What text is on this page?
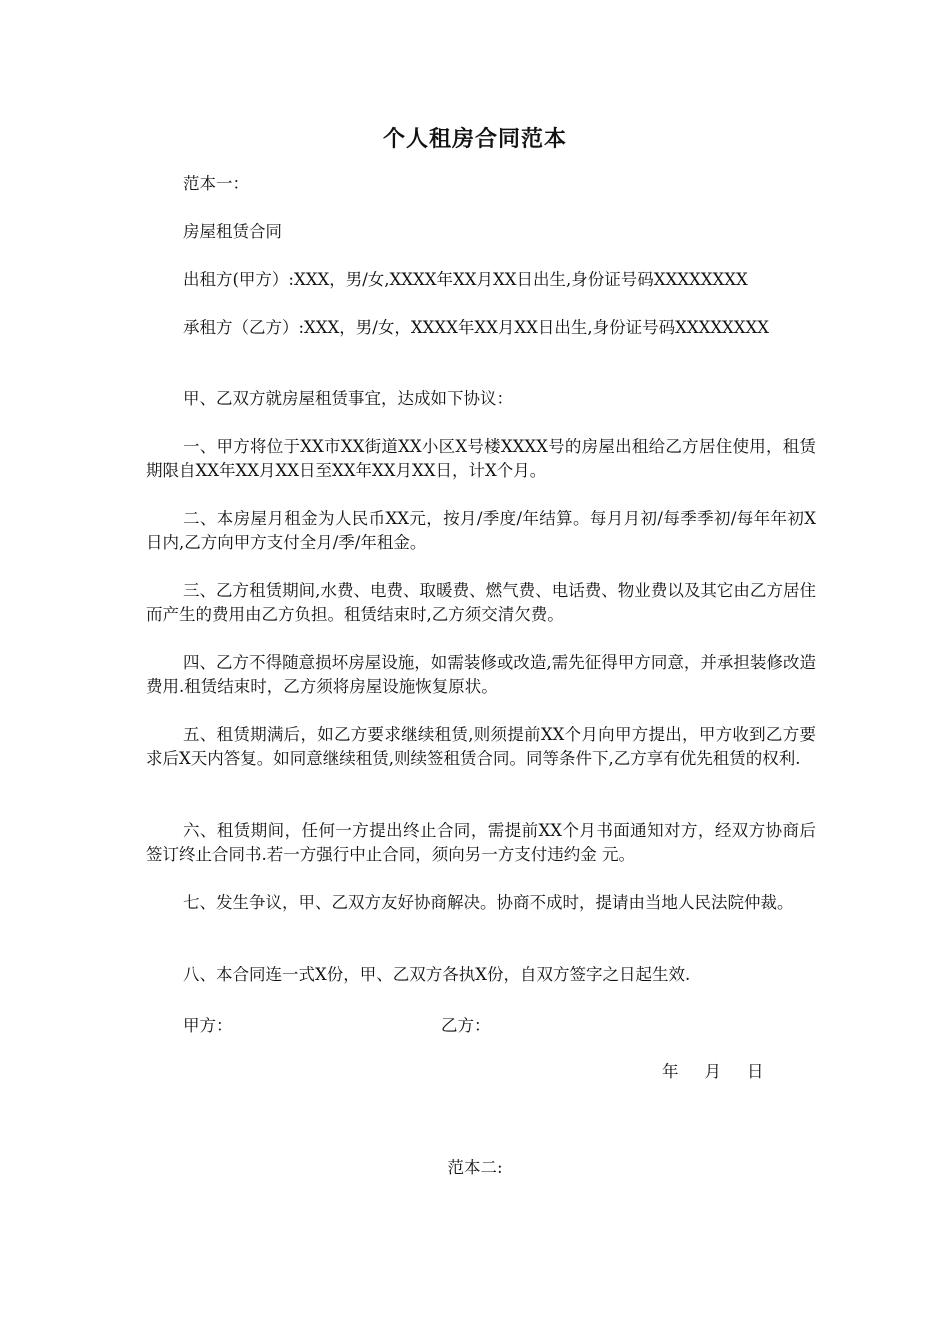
个人租房合同范本
范本一：
房屋租赁合同
出租方(甲方）:XXX，男/女,XXXX年XX月XX日出生,身份证号码XXXXXXXX
承租方（乙方）:XXX，男/女，XXXX年XX月XX日出生,身份证号码XXXXXXXX
甲、乙双方就房屋租赁事宜，达成如下协议：
一、甲方将位于XX市XX街道XX小区X号楼XXXX号的房屋出租给乙方居住使用，租赁期限自XX年XX月XX日至XX年XX月XX日，计X个月。
二、本房屋月租金为人民币XX元，按月/季度/年结算。每月月初/每季季初/每年年初X日内,乙方向甲方支付全月/季/年租金。
三、乙方租赁期间,水费、电费、取暖费、燃气费、电话费、物业费以及其它由乙方居住而产生的费用由乙方负担。租赁结束时,乙方须交清欠费。
四、乙方不得随意损坏房屋设施，如需装修或改造,需先征得甲方同意，并承担装修改造费用.租赁结束时，乙方须将房屋设施恢复原状。
五、租赁期满后，如乙方要求继续租赁,则须提前XX个月向甲方提出，甲方收到乙方要求后X天内答复。如同意继续租赁,则续签租赁合同。同等条件下,乙方享有优先租赁的权利.
六、租赁期间，任何一方提出终止合同，需提前XX个月书面通知对方，经双方协商后签订终止合同书.若一方强行中止合同，须向另一方支付违约金 元。
七、发生争议，甲、乙双方友好协商解决。协商不成时，提请由当地人民法院仲裁。
八、本合同连一式X份，甲、乙双方各执X份，自双方签字之日起生效.
甲方：	乙方：
年 月 日
范本二:
